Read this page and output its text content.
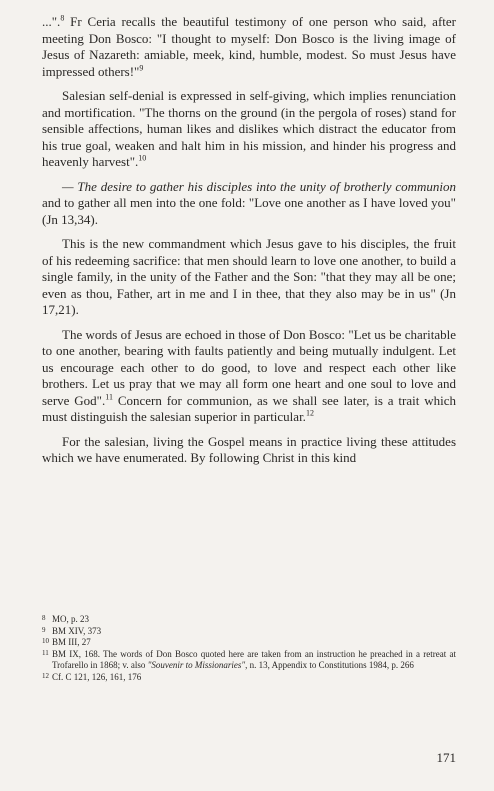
...".$^8$ Fr Ceria recalls the beautiful testimony of one person who said, after meeting Don Bosco: "I thought to myself: Don Bosco is the living image of Jesus of Nazareth: amiable, meek, kind, humble, modest. So must Jesus have impressed others!"$^9$

Salesian self-denial is expressed in self-giving, which implies renunciation and mortification. "The thorns on the ground (in the pergola of roses) stand for sensible affections, human likes and dislikes which distract the educator from his true goal, weaken and halt him in his mission, and hinder his progress and heavenly harvest".$^{10}$

— The desire to gather his disciples into the unity of brotherly communion and to gather all men into the one fold: "Love one another as I have loved you" (Jn 13,34).

This is the new commandment which Jesus gave to his disciples, the fruit of his redeeming sacrifice: that men should learn to love one another, to build a single family, in the unity of the Father and the Son: "that they may all be one; even as thou, Father, art in me and I in thee, that they also may be in us" (Jn 17,21).

The words of Jesus are echoed in those of Don Bosco: "Let us be charitable to one another, bearing with faults patiently and being mutually indulgent. Let us encourage each other to do good, to love and respect each other like brothers. Let us pray that we may all form one heart and one soul to love and serve God".$^{11}$ Concern for communion, as we shall see later, is a trait which must distinguish the salesian superior in particular.$^{12}$

For the salesian, living the Gospel means in practice living these attitudes which we have enumerated. By following Christ in this kind

8 MO, p. 23
9 BM XIV, 373
10 BM III, 27
11 BM IX, 168. The words of Don Bosco quoted here are taken from an instruction he preached in a retreat at Trofarello in 1868; v. also "Souvenir to Missionaries", n. 13, Appendix to Constitutions 1984, p. 266
12 Cf. C 121, 126, 161, 176
171
